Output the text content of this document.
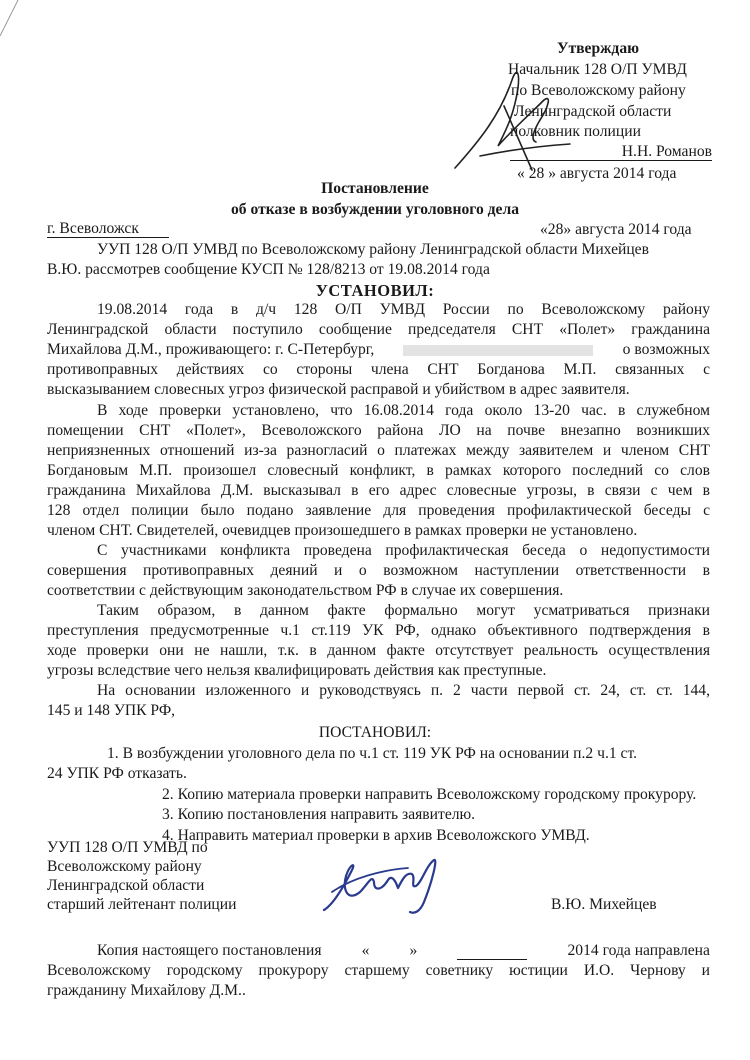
Утверждаю
Начальник 128 О/П УМВД
по Всеволожскому району
Ленинградской области
полковник полиции
Н.Н. Романов
« 28 » августа 2014 года
Постановление
об отказе в возбуждении уголовного дела
г. Всеволожск	«28» августа 2014 года
УУП 128 О/П УМВД по Всеволожскому району Ленинградской области Михейцев
В.Ю. рассмотрев сообщение КУСП № 128/8213 от 19.08.2014 года
УСТАНОВИЛ:
19.08.2014 года в д/ч 128 О/П УМВД России по Всеволожскому району
Ленинградской области поступило сообщение председателя СНТ «Полет» гражданина
Михайлова Д.М., проживающего: г. С-Петербург,	о возможных
противоправных действиях со стороны члена СНТ Богданова М.П. связанных с
высказыванием словесных угроз физической расправой и убийством в адрес заявителя.
В ходе проверки установлено, что 16.08.2014 года около 13-20 час. в служебном
помещении СНТ «Полет», Всеволожского района ЛО на почве внезапно возникших
неприязненных отношений из-за разногласий о платежах между заявителем и членом СНТ
Богдановым М.П. произошел словесный конфликт, в рамках которого последний со слов
гражданина Михайлова Д.М. высказывал в его адрес словесные угрозы, в связи с чем в
128 отдел полиции было подано заявление для проведения профилактической беседы с
членом СНТ. Свидетелей, очевидцев произошедшего в рамках проверки не установлено.
С участниками конфликта проведена профилактическая беседа о недопустимости
совершения противоправных деяний и о возможном наступлении ответственности в
соответствии с действующим законодательством РФ в случае их совершения.
Таким образом, в данном факте формально могут усматриваться признаки
преступления предусмотренные ч.1 ст.119 УК РФ, однако объективного подтверждения в
ходе проверки они не нашли, т.к. в данном факте отсутствует реальность осуществления
угрозы вследствие чего нельзя квалифицировать действия как преступные.
На основании изложенного и руководствуясь п. 2 части первой ст. 24, ст. ст. 144,
145 и 148 УПК РФ,
ПОСТАНОВИЛ:
1. В возбуждении уголовного дела по ч.1 ст. 119 УК РФ на основании п.2 ч.1 ст.
24 УПК РФ отказать.
2. Копию материала проверки направить Всеволожскому городскому прокурору.
3. Копию постановления направить заявителю.
4. Направить материал проверки в архив Всеволожского УМВД.
УУП 128 О/П УМВД по
Всеволожскому району
Ленинградской области
старший лейтенант полиции	В.Ю. Михейцев
Копия настоящего постановления	«	»	2014 года направлена
Всеволожскому городскому прокурору старшему советнику юстиции И.О. Чернову и
гражданину Михайлову Д.М..
